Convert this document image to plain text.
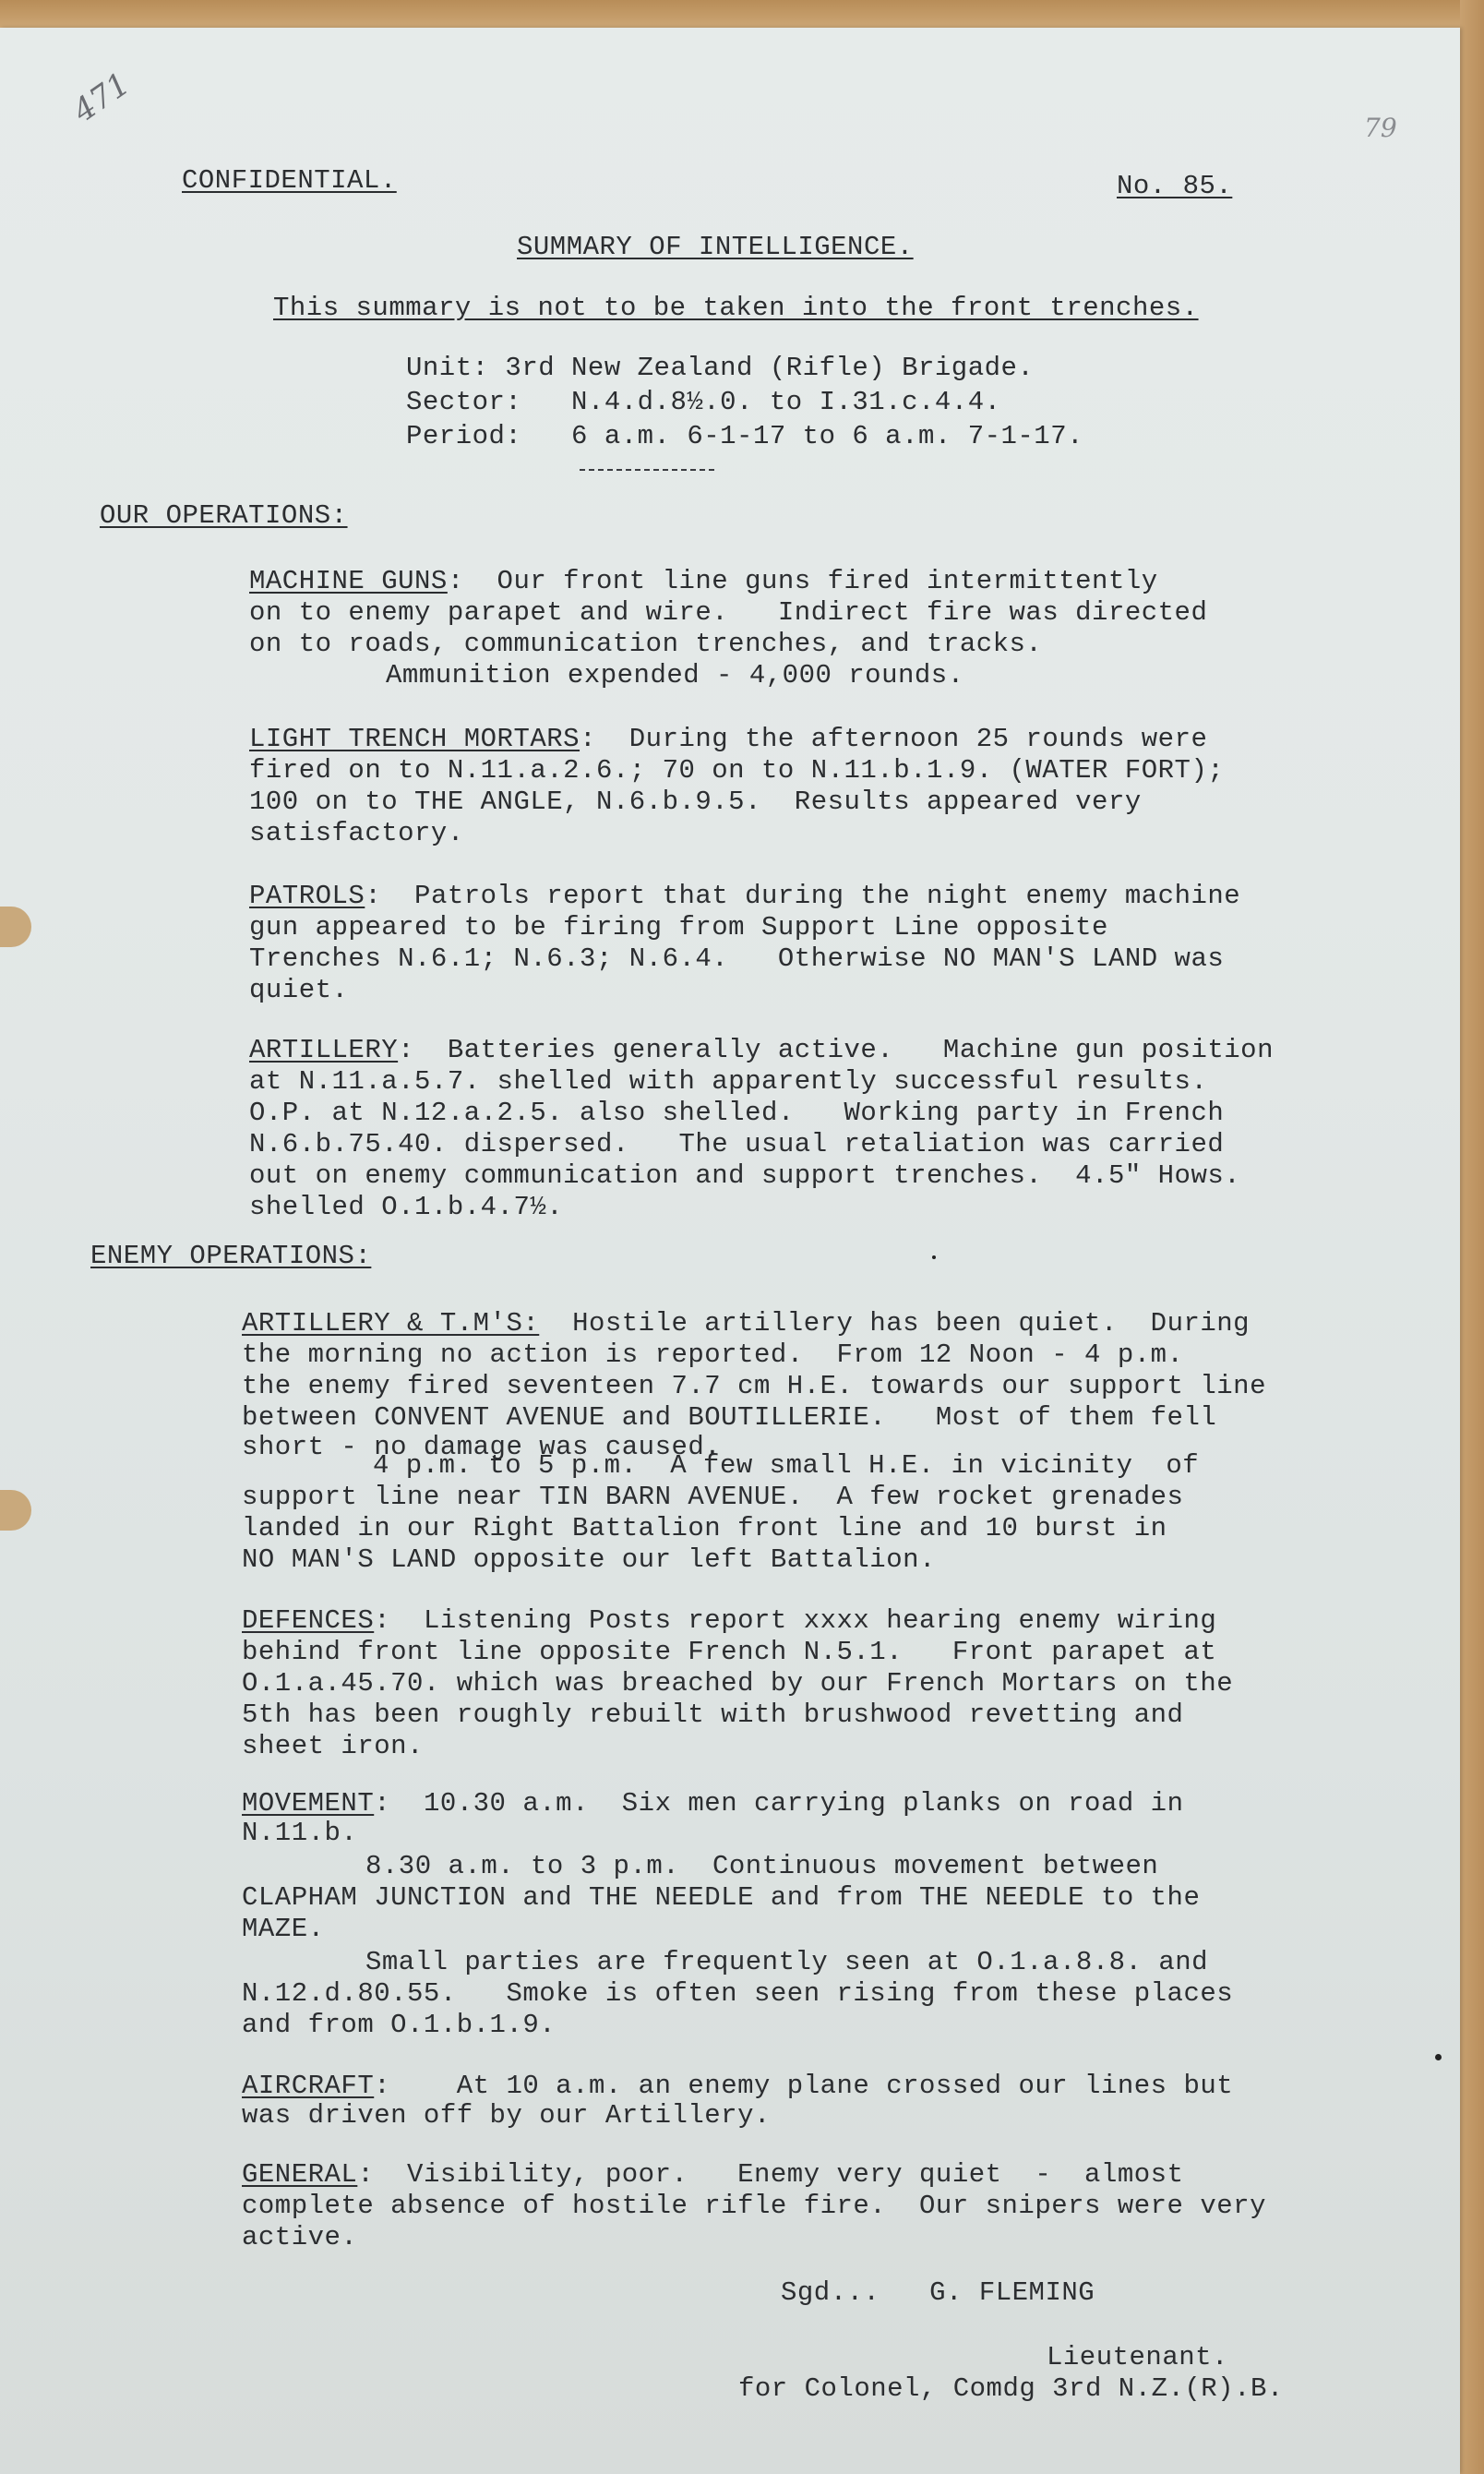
471	79
CONFIDENTIAL.	No. 85.
SUMMARY OF INTELLIGENCE.
This summary is not to be taken into the front trenches.
Unit: 3rd New Zealand (Rifle) Brigade.
Sector:   N.4.d.8½.0. to I.31.c.4.4.
Period:   6 a.m. 6-1-17 to 6 a.m. 7-1-17.
OUR OPERATIONS:
MACHINE GUNS:  Our front line guns fired intermittently
on to enemy parapet and wire.   Indirect fire was directed
on to roads, communication trenches, and tracks.
Ammunition expended - 4,000 rounds.
LIGHT TRENCH MORTARS:  During the afternoon 25 rounds were
fired on to N.11.a.2.6.; 70 on to N.11.b.1.9. (WATER FORT);
100 on to THE ANGLE, N.6.b.9.5.  Results appeared very
satisfactory.
PATROLS:  Patrols report that during the night enemy machine
gun appeared to be firing from Support Line opposite
Trenches N.6.1; N.6.3; N.6.4.   Otherwise NO MAN'S LAND was
quiet.
ARTILLERY:  Batteries generally active.   Machine gun position
at N.11.a.5.7. shelled with apparently successful results.
O.P. at N.12.a.2.5. also shelled.   Working party in French
N.6.b.75.40. dispersed.   The usual retaliation was carried
out on enemy communication and support trenches.  4.5" Hows.
shelled O.1.b.4.7½.
ENEMY OPERATIONS:
ARTILLERY & T.M'S:  Hostile artillery has been quiet.  During
the morning no action is reported.  From 12 Noon - 4 p.m.
the enemy fired seventeen 7.7 cm H.E. towards our support line
between CONVENT AVENUE and BOUTILLERIE.   Most of them fell
short - no damage was caused.
4 p.m. to 5 p.m.  A few small H.E. in vicinity  of
support line near TIN BARN AVENUE.  A few rocket grenades
landed in our Right Battalion front line and 10 burst in
NO MAN'S LAND opposite our left Battalion.
DEFENCES:  Listening Posts report xxxx hearing enemy wiring
behind front line opposite French N.5.1.   Front parapet at
O.1.a.45.70. which was breached by our French Mortars on the
5th has been roughly rebuilt with brushwood revetting and
sheet iron.
MOVEMENT:  10.30 a.m.  Six men carrying planks on road in
N.11.b.
8.30 a.m. to 3 p.m.  Continuous movement between
CLAPHAM JUNCTION and THE NEEDLE and from THE NEEDLE to the
MAZE.
Small parties are frequently seen at O.1.a.8.8. and
N.12.d.80.55.   Smoke is often seen rising from these places
and from O.1.b.1.9.
AIRCRAFT:    At 10 a.m. an enemy plane crossed our lines but
was driven off by our Artillery.
GENERAL:  Visibility, poor.   Enemy very quiet  -  almost
complete absence of hostile rifle fire.  Our snipers were very
active.
Sgd...   G. FLEMING
Lieutenant.
for Colonel, Comdg 3rd N.Z.(R).B.
